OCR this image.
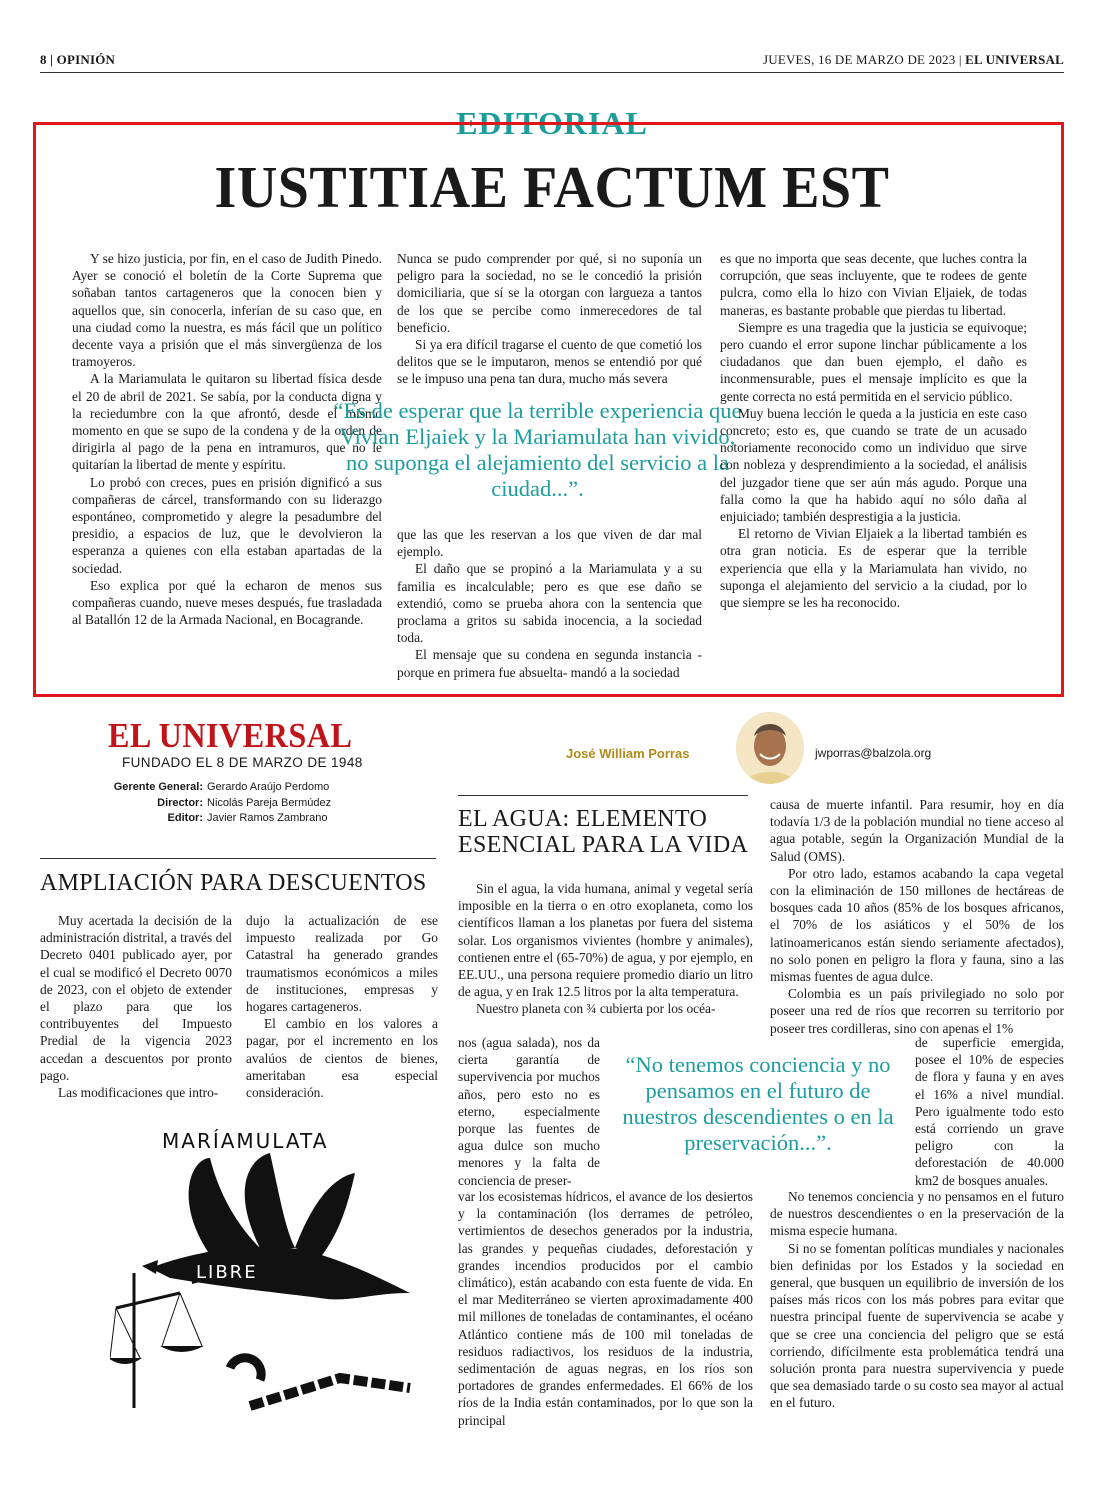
8 | OPINIÓN	JUEVES, 16 DE MARZO DE 2023 | EL UNIVERSAL
EDITORIAL
IUSTITIAE FACTUM EST

Y se hizo justicia, por fin, en el caso de Judith Pinedo. Ayer se conoció el boletín de la Corte Suprema que soñaban tantos cartageneros que la conocen bien y aquellos que, sin conocerla, inferían de su caso que, en una ciudad como la nuestra, es más fácil que un político decente vaya a prisión que el más sinvergüenza de los tramoyeros.

A la Mariamulata le quitaron su libertad física desde el 20 de abril de 2021. Se sabía, por la conducta digna y la reciedumbre con la que afrontó, desde el mismo momento en que se supo de la condena y de la orden de dirigirla al pago de la pena en intramuros, que no le quitarían la libertad de mente y espíritu.

Lo probó con creces, pues en prisión dignificó a sus compañeras de cárcel, transformando con su liderazgo espontáneo, comprometido y alegre la pesadumbre del presidio, a espacios de luz, que le devolvieron la esperanza a quienes con ella estaban apartadas de la sociedad.

Eso explica por qué la echaron de menos sus compañeras cuando, nueve meses después, fue trasladada al Batallón 12 de la Armada Nacional, en Bocagrande.

Nunca se pudo comprender por qué, si no suponía un peligro para la sociedad, no se le concedió la prisión domiciliaria, que sí se la otorgan con largueza a tantos de los que se percibe como inmerecedores de tal beneficio.

Si ya era difícil tragarse el cuento de que cometió los delitos que se le imputaron, menos se entendió por qué se le impuso una pena tan dura, mucho más severa

“Es de esperar que la terrible experiencia que Vivian Eljaiek y la Mariamulata han vivido, no suponga el alejamiento del servicio a la ciudad...”.

que las que les reservan a los que viven de dar mal ejemplo.

El daño que se propinó a la Mariamulata y a su familia es incalculable; pero es que ese daño se extendió, como se prueba ahora con la sentencia que proclama a gritos su sabida inocencia, a la sociedad toda.

El mensaje que su condena en segunda instancia -porque en primera fue absuelta- mandó a la sociedad

es que no importa que seas decente, que luches contra la corrupción, que seas incluyente, que te rodees de gente pulcra, como ella lo hizo con Vivian Eljaiek, de todas maneras, es bastante probable que pierdas tu libertad.

Siempre es una tragedia que la justicia se equivoque; pero cuando el error supone linchar públicamente a los ciudadanos que dan buen ejemplo, el daño es inconmensurable, pues el mensaje implícito es que la gente correcta no está permitida en el servicio público.

Muy buena lección le queda a la justicia en este caso concreto; esto es, que cuando se trate de un acusado notoriamente reconocido como un individuo que sirve con nobleza y desprendimiento a la sociedad, el análisis del juzgador tiene que ser aún más agudo. Porque una falla como la que ha habido aquí no sólo daña al enjuiciado; también desprestigia a la justicia.

El retorno de Vivian Eljaiek a la libertad también es otra gran noticia. Es de esperar que la terrible experiencia que ella y la Mariamulata han vivido, no suponga el alejamiento del servicio a la ciudad, por lo que siempre se les ha reconocido.

EL UNIVERSAL
FUNDADO EL 8 DE MARZO DE 1948
Gerente General: Gerardo Araújo Perdomo
Director: Nicolás Pareja Bermúdez
Editor: Javier Ramos Zambrano
AMPLIACIÓN PARA DESCUENTOS

Muy acertada la decisión de la administración distrital, a través del Decreto 0401 publicado ayer, por el cual se modificó el Decreto 0070 de 2023, con el objeto de extender el plazo para que los contribuyentes del Impuesto Predial de la vigencia 2023 accedan a descuentos por pronto pago.

Las modificaciones que intro-

dujo la actualización de ese impuesto realizada por Go Catastral ha generado grandes traumatismos económicos a miles de instituciones, empresas y hogares cartageneros.

El cambio en los valores a pagar, por el incremento en los avalúos de cientos de bienes, ameritaban esa especial consideración.

MARÍAMULATA
LIBRE
José William Porras	jwporras@balzola.org
EL AGUA: ELEMENTO ESENCIAL PARA LA VIDA

Sin el agua, la vida humana, animal y vegetal sería imposible en la tierra o en otro exoplaneta, como los científicos llaman a los planetas por fuera del sistema solar. Los organismos vivientes (hombre y animales), contienen entre el (65-70%) de agua, y por ejemplo, en EE.UU., una persona requiere promedio diario un litro de agua, y en Irak 12.5 litros por la alta temperatura.

Nuestro planeta con ¾ cubierta por los océa-

nos (agua salada), nos da cierta garantía de supervivencia por muchos años, pero esto no es eterno, especialmente porque las fuentes de agua dulce son mucho menores y la falta de conciencia de preser-

var los ecosistemas hídricos, el avance de los desiertos y la contaminación (los derrames de petróleo, vertimientos de desechos generados por la industria, las grandes y pequeñas ciudades, deforestación y grandes incendios producidos por el cambio climático), están acabando con esta fuente de vida. En el mar Mediterráneo se vierten aproximadamente 400 mil millones de toneladas de contaminantes, el océano Atlántico contiene más de 100 mil toneladas de residuos radiactivos, los residuos de la industria, sedimentación de aguas negras, en los ríos son portadores de grandes enfermedades. El 66% de los ríos de la India están contaminados, por lo que son la principal

“No tenemos conciencia y no pensamos en el futuro de nuestros descendientes o en la preservación...”.

causa de muerte infantil. Para resumir, hoy en día todavía 1/3 de la población mundial no tiene acceso al agua potable, según la Organización Mundial de la Salud (OMS).

Por otro lado, estamos acabando la capa vegetal con la eliminación de 150 millones de hectáreas de bosques cada 10 años (85% de los bosques africanos, el 70% de los asiáticos y el 50% de los latinoamericanos están siendo seriamente afectados), no solo ponen en peligro la flora y fauna, sino a las mismas fuentes de agua dulce.

Colombia es un país privilegiado no solo por poseer una red de ríos que recorren su territorio por poseer tres cordilleras, sino con apenas el 1%

de superficie emergida, posee el 10% de especies de flora y fauna y en aves el 16% a nivel mundial. Pero igualmente todo esto está corriendo un grave peligro con la deforestación de 40.000 km2 de bosques anuales.

No tenemos conciencia y no pensamos en el futuro de nuestros descendientes o en la preservación de la misma especie humana.

Si no se fomentan políticas mundiales y nacionales bien definidas por los Estados y la sociedad en general, que busquen un equilibrio de inversión de los países más ricos con los más pobres para evitar que nuestra principal fuente de supervivencia se acabe y que se cree una conciencia del peligro que se está corriendo, difícilmente esta problemática tendrá una solución pronta para nuestra supervivencia y puede que sea demasiado tarde o su costo sea mayor al actual en el futuro.
